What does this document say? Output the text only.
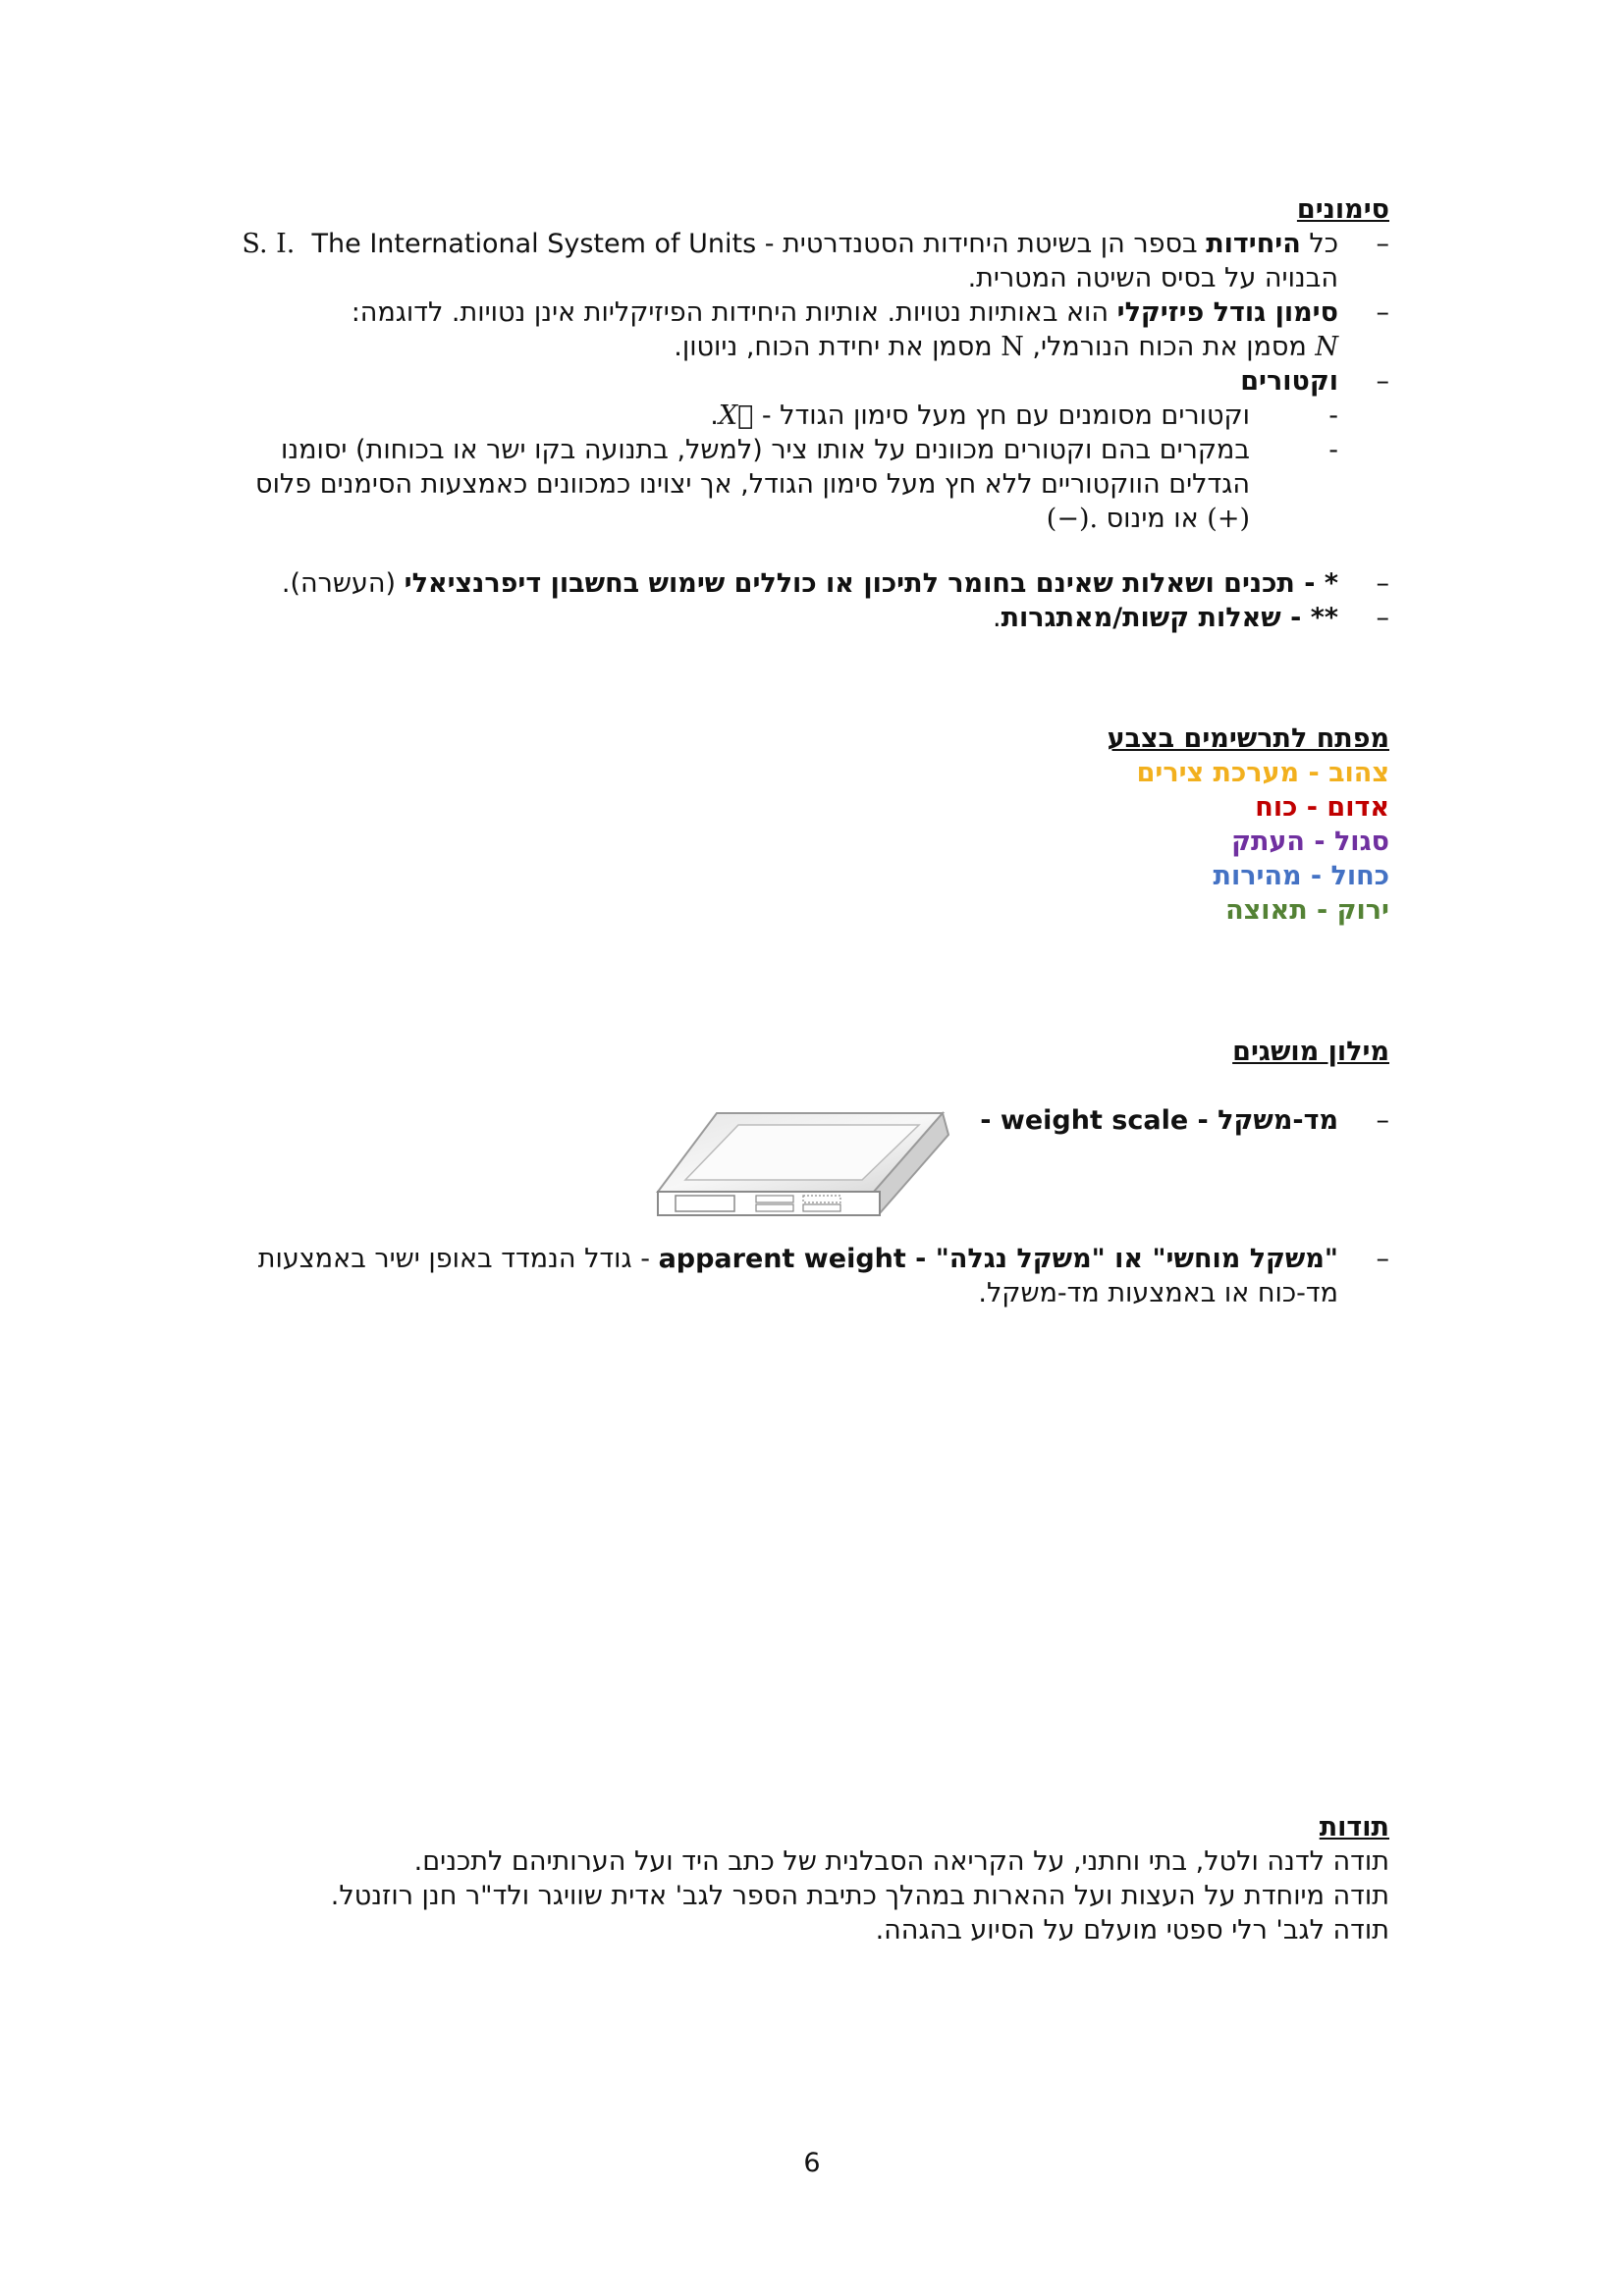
סימונים
–
כל היחידות בספר הן בשיטת היחידות הסטנדרטית - S. I. The International System of Units
הבנויה על בסיס השיטה המטרית.
–
סימון גודל פיזיקלי הוא באותיות נטויות. אותיות היחידות הפיזיקליות אינן נטויות. לדוגמה:
N מסמן את הכוח הנורמלי, N מסמן את יחידת הכוח, ניוטון.
–
וקטורים
-
וקטורים מסומנים עם חץ מעל סימון הגודל - X⃗.
-
במקרים בהם וקטורים מכוונים על אותו ציר (למשל, בתנועה בקו ישר או בכוחות) יסומנו
הגדלים הווקטוריים ללא חץ מעל סימון הגודל, אך יצוינו כמכוונים כאמצעות הסימנים פלוס
(+) או מינוס (−).
–
* - תכנים ושאלות שאינם בחומר לתיכון או כוללים שימוש בחשבון דיפרנציאלי (העשרה).
–
** - שאלות קשות/מאתגרות.
מפתח לתרשימים בצבע
צהוב - מערכת צירים
אדום - כוח
סגול - העתק
כחול - מהירות
ירוק - תאוצה
מילון מושגים
–
מד-משקל - weight scale -
–
"משקל מוחשי" או "משקל נגלה" - apparent weight - גודל הנמדד באופן ישיר באמצעות
מד-כוח או באמצעות מד-משקל.
תודות
תודה לדנה ולטל, בתי וחתני, על הקריאה הסבלנית של כתב היד ועל הערותיהם לתכנים.
תודה מיוחדת על העצות ועל ההארות במהלך כתיבת הספר לגב' אדית שוויגר ולד"ר חנן רוזנטל.
תודה לגב' רלי ספטי מועלם על הסיוע בהגהה.
6
